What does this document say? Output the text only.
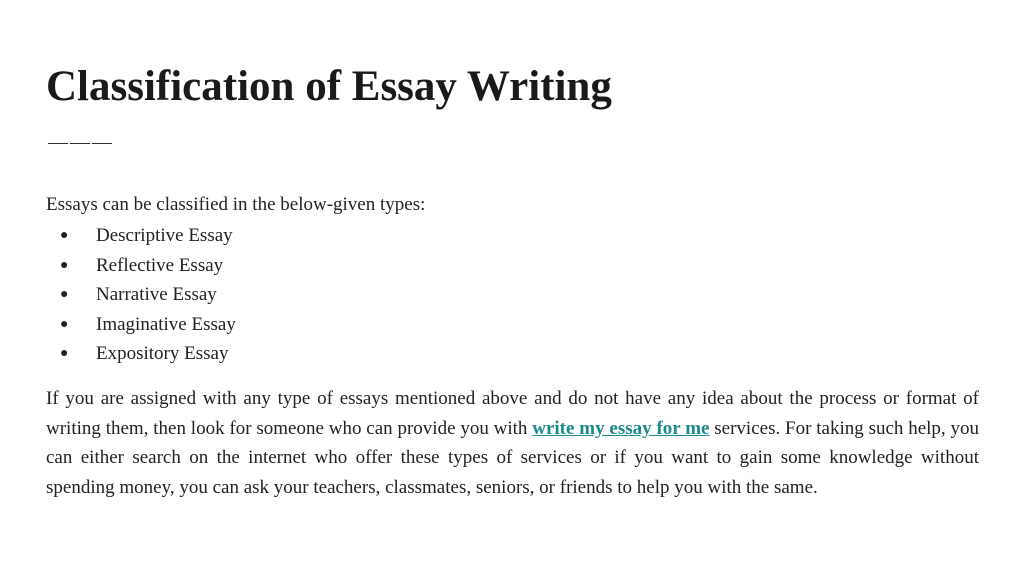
Classification of Essay Writing
———

Essays can be classified in the below-given types:

● Descriptive Essay
● Reflective Essay
● Narrative Essay
● Imaginative Essay
● Expository Essay

If you are assigned with any type of essays mentioned above and do not have any idea about the process or format of writing them, then look for someone who can provide you with write my essay for me services. For taking such help, you can either search on the internet who offer these types of services or if you want to gain some knowledge without spending money, you can ask your teachers, classmates, seniors, or friends to help you with the same.
